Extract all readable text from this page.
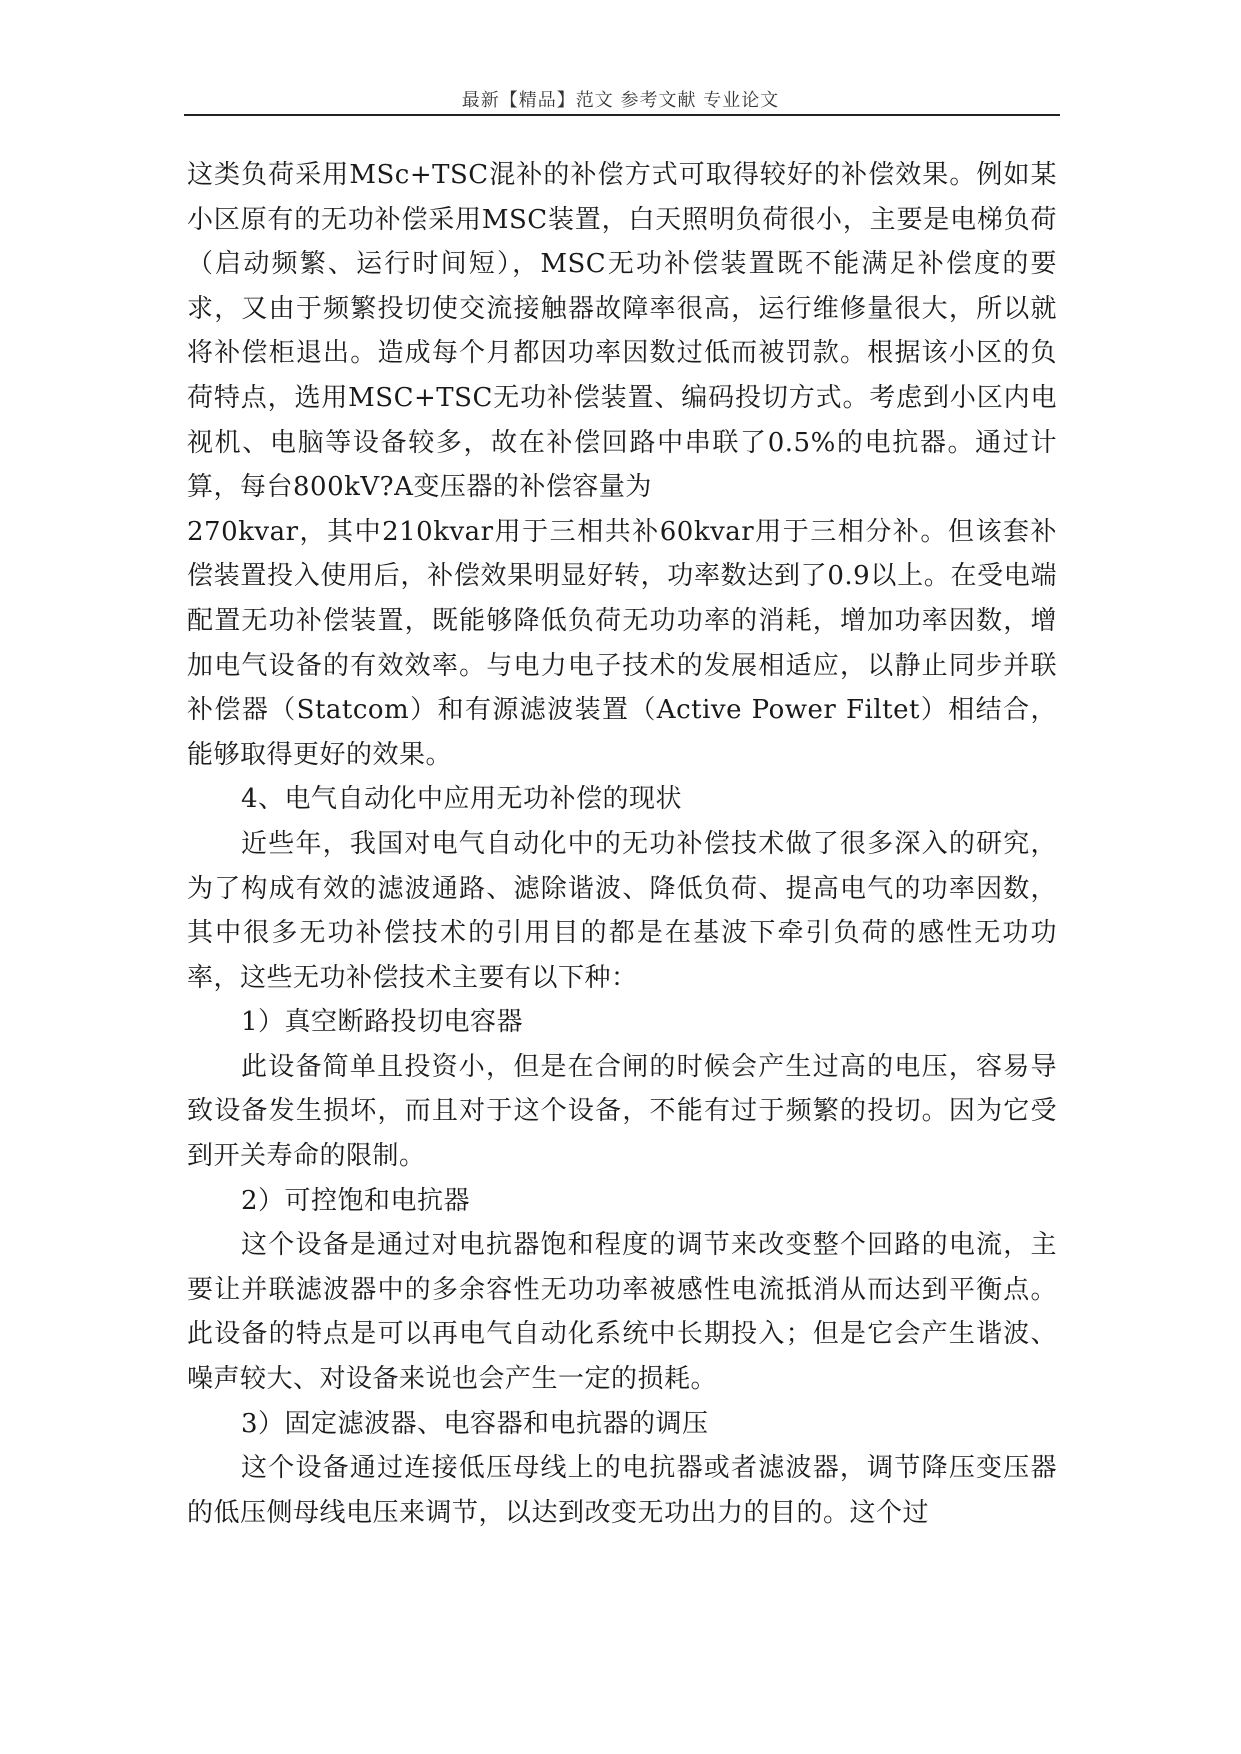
最新【精品】范文 参考文献 专业论文

这类负荷采用MSc+TSC混补的补偿方式可取得较好的补偿效果。例如某小区原有的无功补偿采用MSC装置，白天照明负荷很小，主要是电梯负荷（启动频繁、运行时间短），MSC无功补偿装置既不能满足补偿度的要求，又由于频繁投切使交流接触器故障率很高，运行维修量很大，所以就将补偿柜退出。造成每个月都因功率因数过低而被罚款。根据该小区的负荷特点，选用MSC+TSC无功补偿装置、编码投切方式。考虑到小区内电视机、电脑等设备较多，故在补偿回路中串联了0.5%的电抗器。通过计算，每台800kV?A变压器的补偿容量为

270kvar，其中210kvar用于三相共补60kvar用于三相分补。但该套补偿装置投入使用后，补偿效果明显好转，功率数达到了0.9以上。在受电端配置无功补偿装置，既能够降低负荷无功功率的消耗，增加功率因数，增加电气设备的有效效率。与电力电子技术的发展相适应，以静止同步并联补偿器（Statcom）和有源滤波装置（Active Power Filtet）相结合，能够取得更好的效果。

4、电气自动化中应用无功补偿的现状

近些年，我国对电气自动化中的无功补偿技术做了很多深入的研究，为了构成有效的滤波通路、滤除谐波、降低负荷、提高电气的功率因数，其中很多无功补偿技术的引用目的都是在基波下牵引负荷的感性无功功率，这些无功补偿技术主要有以下种：

1）真空断路投切电容器

此设备简单且投资小，但是在合闸的时候会产生过高的电压，容易导致设备发生损坏，而且对于这个设备，不能有过于频繁的投切。因为它受到开关寿命的限制。

2）可控饱和电抗器

这个设备是通过对电抗器饱和程度的调节来改变整个回路的电流，主要让并联滤波器中的多余容性无功功率被感性电流抵消从而达到平衡点。此设备的特点是可以再电气自动化系统中长期投入；但是它会产生谐波、噪声较大、对设备来说也会产生一定的损耗。

3）固定滤波器、电容器和电抗器的调压

这个设备通过连接低压母线上的电抗器或者滤波器，调节降压变压器的低压侧母线电压来调节，以达到改变无功出力的目的。这个过
